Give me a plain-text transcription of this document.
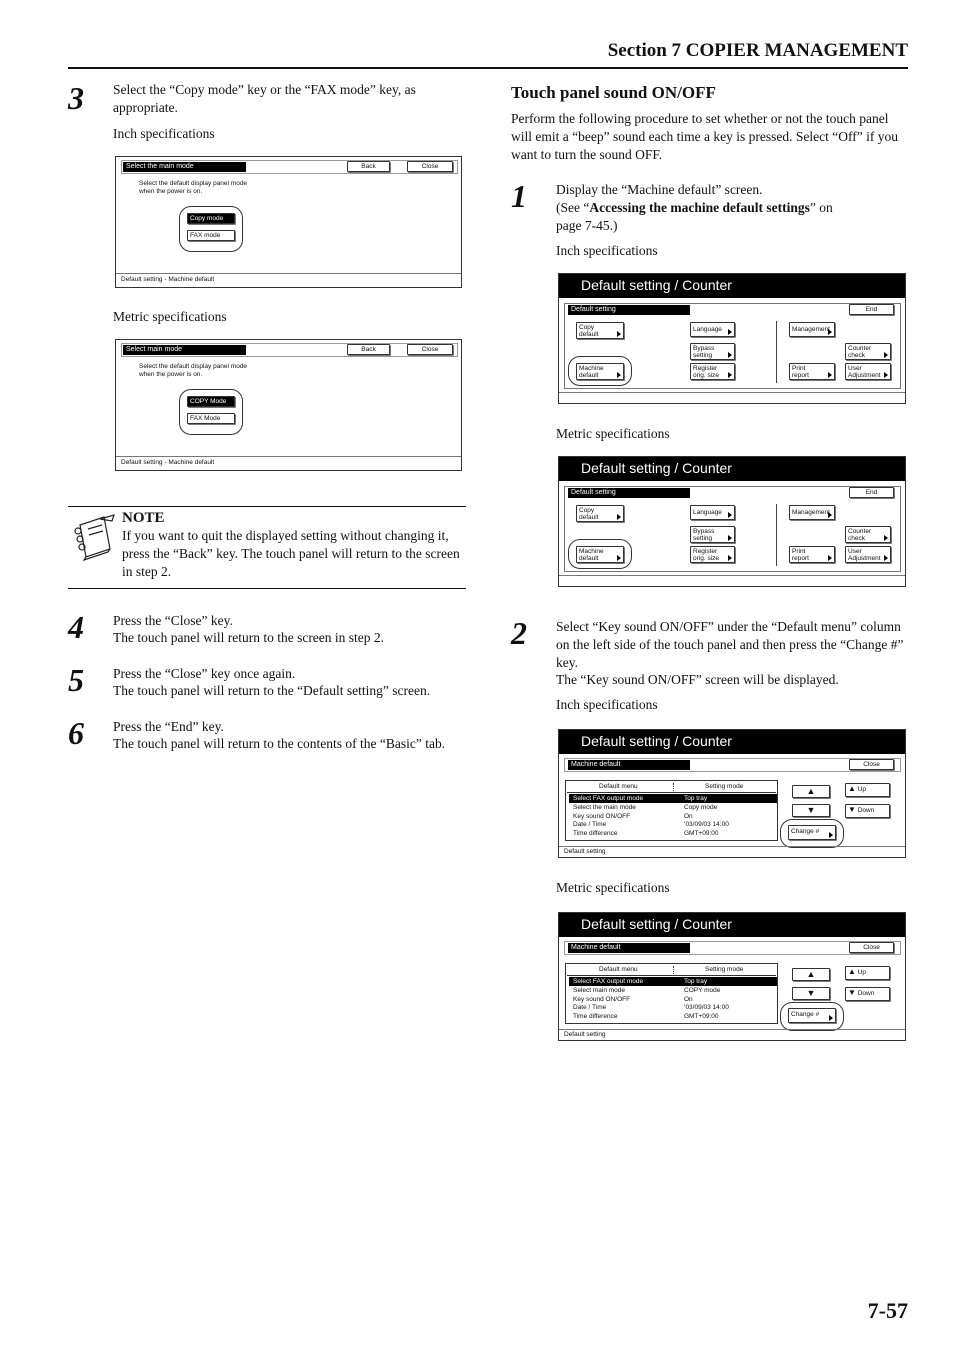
Section 7 COPIER MANAGEMENT
3 Select the “Copy mode” key or the “FAX mode” key, as appropriate.
Inch specifications
Select the main mode	Back	Close
Select the default display panel mode
when the power is on.
Copy mode
FAX mode
Default setting - Machine default
Metric specifications
Select main mode	Back	Close
Select the default display panel mode
when the power is on.
COPY Mode
FAX Mode
Default setting - Machine default
NOTE
If you want to quit the displayed setting without changing it, press the “Back” key. The touch panel will return to the screen in step 2.
4 Press the “Close” key.
The touch panel will return to the screen in step 2.
5 Press the “Close” key once again.
The touch panel will return to the “Default setting” screen.
6 Press the “End” key.
The touch panel will return to the contents of the “Basic” tab.
Touch panel sound ON/OFF
Perform the following procedure to set whether or not the touch panel will emit a “beep” sound each time a key is pressed. Select “Off” if you want to turn the sound OFF.
1 Display the “Machine default” screen.
(See “Accessing the machine default settings” on
page 7-45.)
Inch specifications
Default setting / Counter
Default setting	End
Copy
default
Machine
default
Language
Bypass
setting
Register
orig. size
Management
Print
report
Counter
check
User
Adjustment
Metric specifications
Default setting / Counter
Default setting	End
Copy
default
Machine
default
Language
Bypass
setting
Register
orig. size
Management
Print
report
Counter
check
User
Adjustment
2 Select “Key sound ON/OFF” under the “Default menu” column on the left side of the touch panel and then press the “Change #” key.
The “Key sound ON/OFF” screen will be displayed.
Inch specifications
Default setting / Counter
Machine default	Close
Default menu	Setting mode
Select FAX output mode	Top tray
Select the main mode	Copy mode
Key sound ON/OFF	On
Date / Time	‘03/09/03 14:00
Time difference	GMT+09:00
▲
▼
▲ Up
▼ Down
Change #
Default setting
Metric specifications
Default setting / Counter
Machine default	Close
Default menu	Setting mode
Select FAX output mode	Top tray
Select main mode	COPY mode
Key sound ON/OFF	On
Date / Time	‘03/09/03 14:00
Time difference	GMT+09:00
▲
▼
▲ Up
▼ Down
Change #
Default setting
7-57
